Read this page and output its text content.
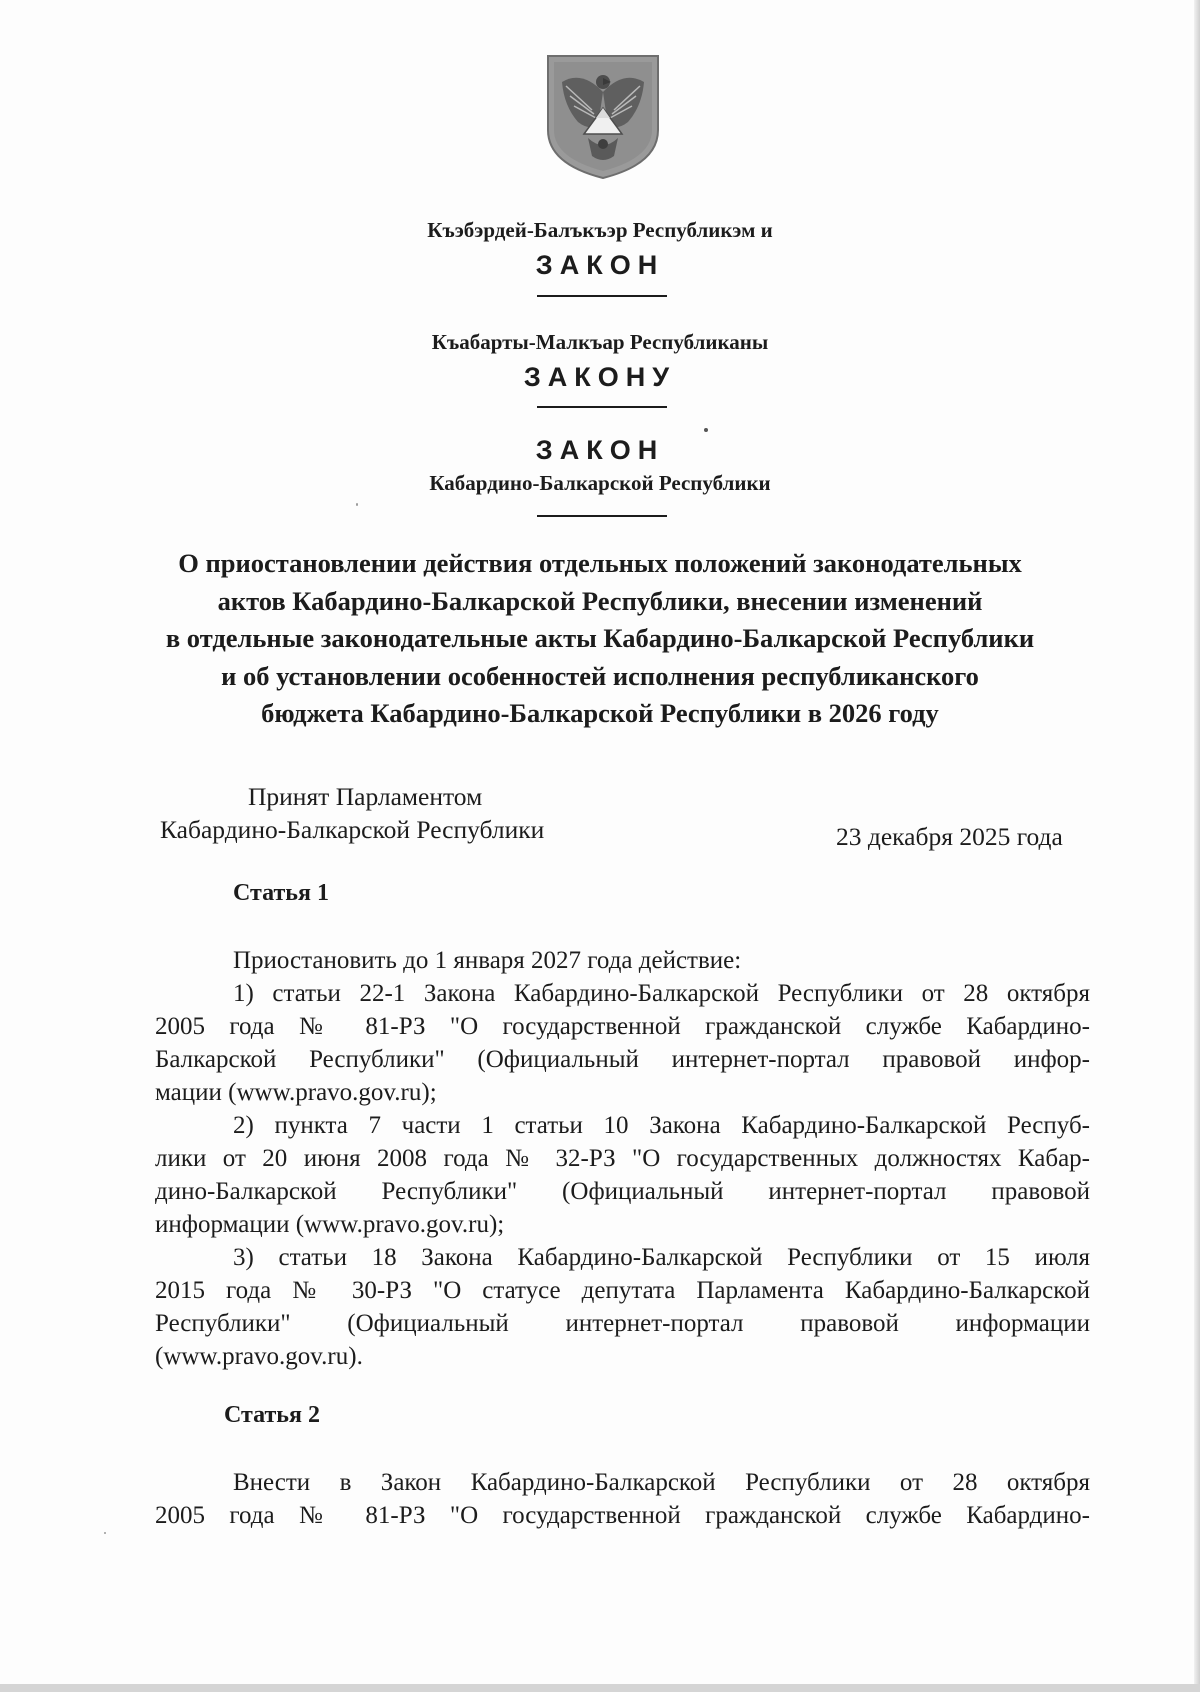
Къэбэрдей-Балъкъэр Республикэм и
ЗАКОН
Къабарты-Малкъар Республиканы
ЗАКОНУ
ЗАКОН
Кабардино-Балкарской Республики
О приостановлении действия отдельных положений законодательных
актов Кабардино-Балкарской Республики, внесении изменений
в отдельные законодательные акты Кабардино-Балкарской Республики
и об установлении особенностей исполнения республиканского
бюджета Кабардино-Балкарской Республики в 2026 году
Принят Парламентом
Кабардино-Балкарской Республики	23 декабря 2025 года
Статья 1
Приостановить до 1 января 2027 года действие:
1) статьи 22-1 Закона Кабардино-Балкарской Республики от 28 октября
2005 года № 81-РЗ "О государственной гражданской службе Кабардино-
Балкарской Республики" (Официальный интернет-портал правовой инфор-
мации (www.pravo.gov.ru);
2) пункта 7 части 1 статьи 10 Закона Кабардино-Балкарской Респуб-
лики от 20 июня 2008 года № 32-РЗ "О государственных должностях Кабар-
дино-Балкарской Республики" (Официальный интернет-портал правовой
информации (www.pravo.gov.ru);
3) статьи 18 Закона Кабардино-Балкарской Республики от 15 июля
2015 года № 30-РЗ "О статусе депутата Парламента Кабардино-Балкарской
Республики" (Официальный интернет-портал правовой информации
(www.pravo.gov.ru).
Статья 2
Внести в Закон Кабардино-Балкарской Республики от 28 октября
2005 года № 81-РЗ "О государственной гражданской службе Кабардино-
